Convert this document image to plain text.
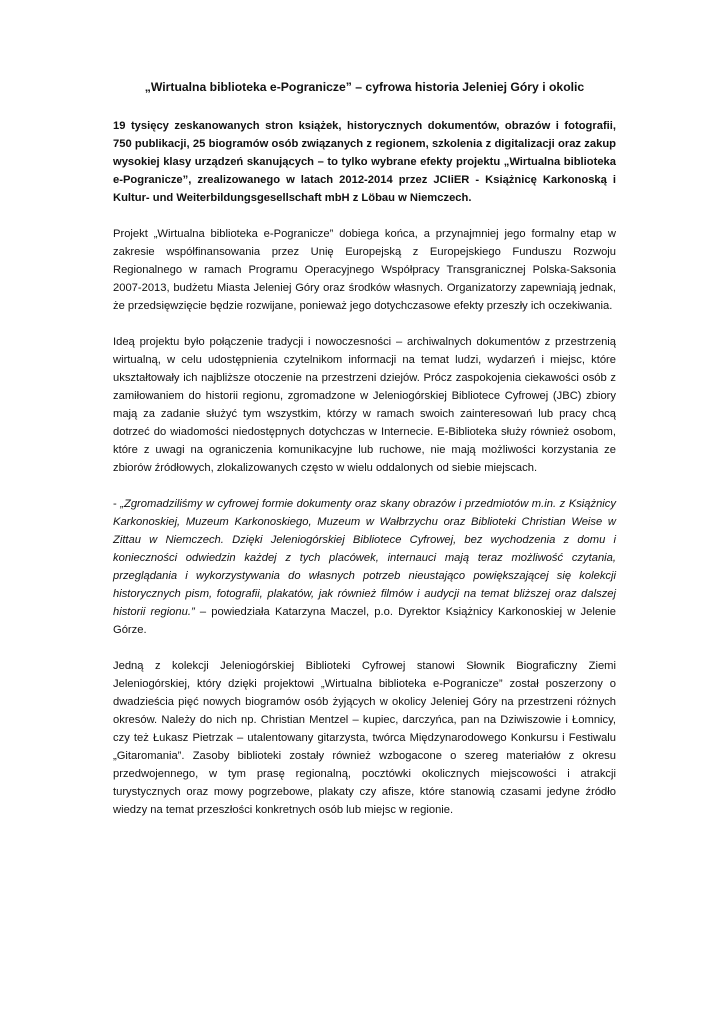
„Wirtualna biblioteka e-Pogranicze” – cyfrowa historia Jeleniej Góry i okolic

19 tysięcy zeskanowanych stron książek, historycznych dokumentów, obrazów i fotografii, 750 publikacji, 25 biogramów osób związanych z regionem, szkolenia z digitalizacji oraz zakup wysokiej klasy urządzeń skanujących – to tylko wybrane efekty projektu „Wirtualna biblioteka e-Pogranicze”, zrealizowanego w latach 2012-2014 przez JCIiER - Książnicę Karkonoską i Kultur- und Weiterbildungsgesellschaft mbH z Löbau w Niemczech.

Projekt „Wirtualna biblioteka e-Pogranicze” dobiega końca, a przynajmniej jego formalny etap w zakresie współfinansowania przez Unię Europejską z Europejskiego Funduszu Rozwoju Regionalnego w ramach Programu Operacyjnego Współpracy Transgranicznej Polska-Saksonia 2007-2013, budżetu Miasta Jeleniej Góry oraz środków własnych. Organizatorzy zapewniają jednak, że przedsięwzięcie będzie rozwijane, ponieważ jego dotychczasowe efekty przeszły ich oczekiwania.

Ideą projektu było połączenie tradycji i nowoczesności – archiwalnych dokumentów z przestrzenią wirtualną, w celu udostępnienia czytelnikom informacji na temat ludzi, wydarzeń i miejsc, które ukształtowały ich najbliższe otoczenie na przestrzeni dziejów. Prócz zaspokojenia ciekawości osób z zamiłowaniem do historii regionu, zgromadzone w Jeleniogórskiej Bibliotece Cyfrowej (JBC) zbiory mają za zadanie służyć tym wszystkim, którzy w ramach swoich zainteresowań lub pracy chcą dotrzeć do wiadomości niedostępnych dotychczas w Internecie. E-Biblioteka służy również osobom, które z uwagi na ograniczenia komunikacyjne lub ruchowe, nie mają możliwości korzystania ze zbiorów źródłowych, zlokalizowanych często w wielu oddalonych od siebie miejscach.

- „Zgromadziliśmy w cyfrowej formie dokumenty oraz skany obrazów i przedmiotów m.in. z Książnicy Karkonoskiej, Muzeum Karkonoskiego, Muzeum w Wałbrzychu oraz Biblioteki Christian Weise w Zittau w Niemczech. Dzięki Jeleniogórskiej Bibliotece Cyfrowej, bez wychodzenia z domu i konieczności odwiedzin każdej z tych placówek, internauci mają teraz możliwość czytania, przeglądania i wykorzystywania do własnych potrzeb nieustająco powiększającej się kolekcji historycznych pism, fotografii, plakatów, jak również filmów i audycji na temat bliższej oraz dalszej historii regionu.” – powiedziała Katarzyna Maczel, p.o. Dyrektor Książnicy Karkonoskiej w Jelenie Górze.

Jedną z kolekcji Jeleniogórskiej Biblioteki Cyfrowej stanowi Słownik Biograficzny Ziemi Jeleniogórskiej, który dzięki projektowi „Wirtualna biblioteka e-Pogranicze” został poszerzony o dwadzieścia pięć nowych biogramów osób żyjących w okolicy Jeleniej Góry na przestrzeni różnych okresów. Należy do nich np. Christian Mentzel – kupiec, darczyńca, pan na Dziwiszowie i Łomnicy, czy też Łukasz Pietrzak – utalentowany gitarzysta, twórca Międzynarodowego Konkursu i Festiwalu „Gitaromania”. Zasoby biblioteki zostały również wzbogacone o szereg materiałów z okresu przedwojennego, w tym prasę regionalną, pocztówki okolicznych miejscowości i atrakcji turystycznych oraz mowy pogrzebowe, plakaty czy afisze, które stanowią czasami jedyne źródło wiedzy na temat przeszłości konkretnych osób lub miejsc w regionie.
